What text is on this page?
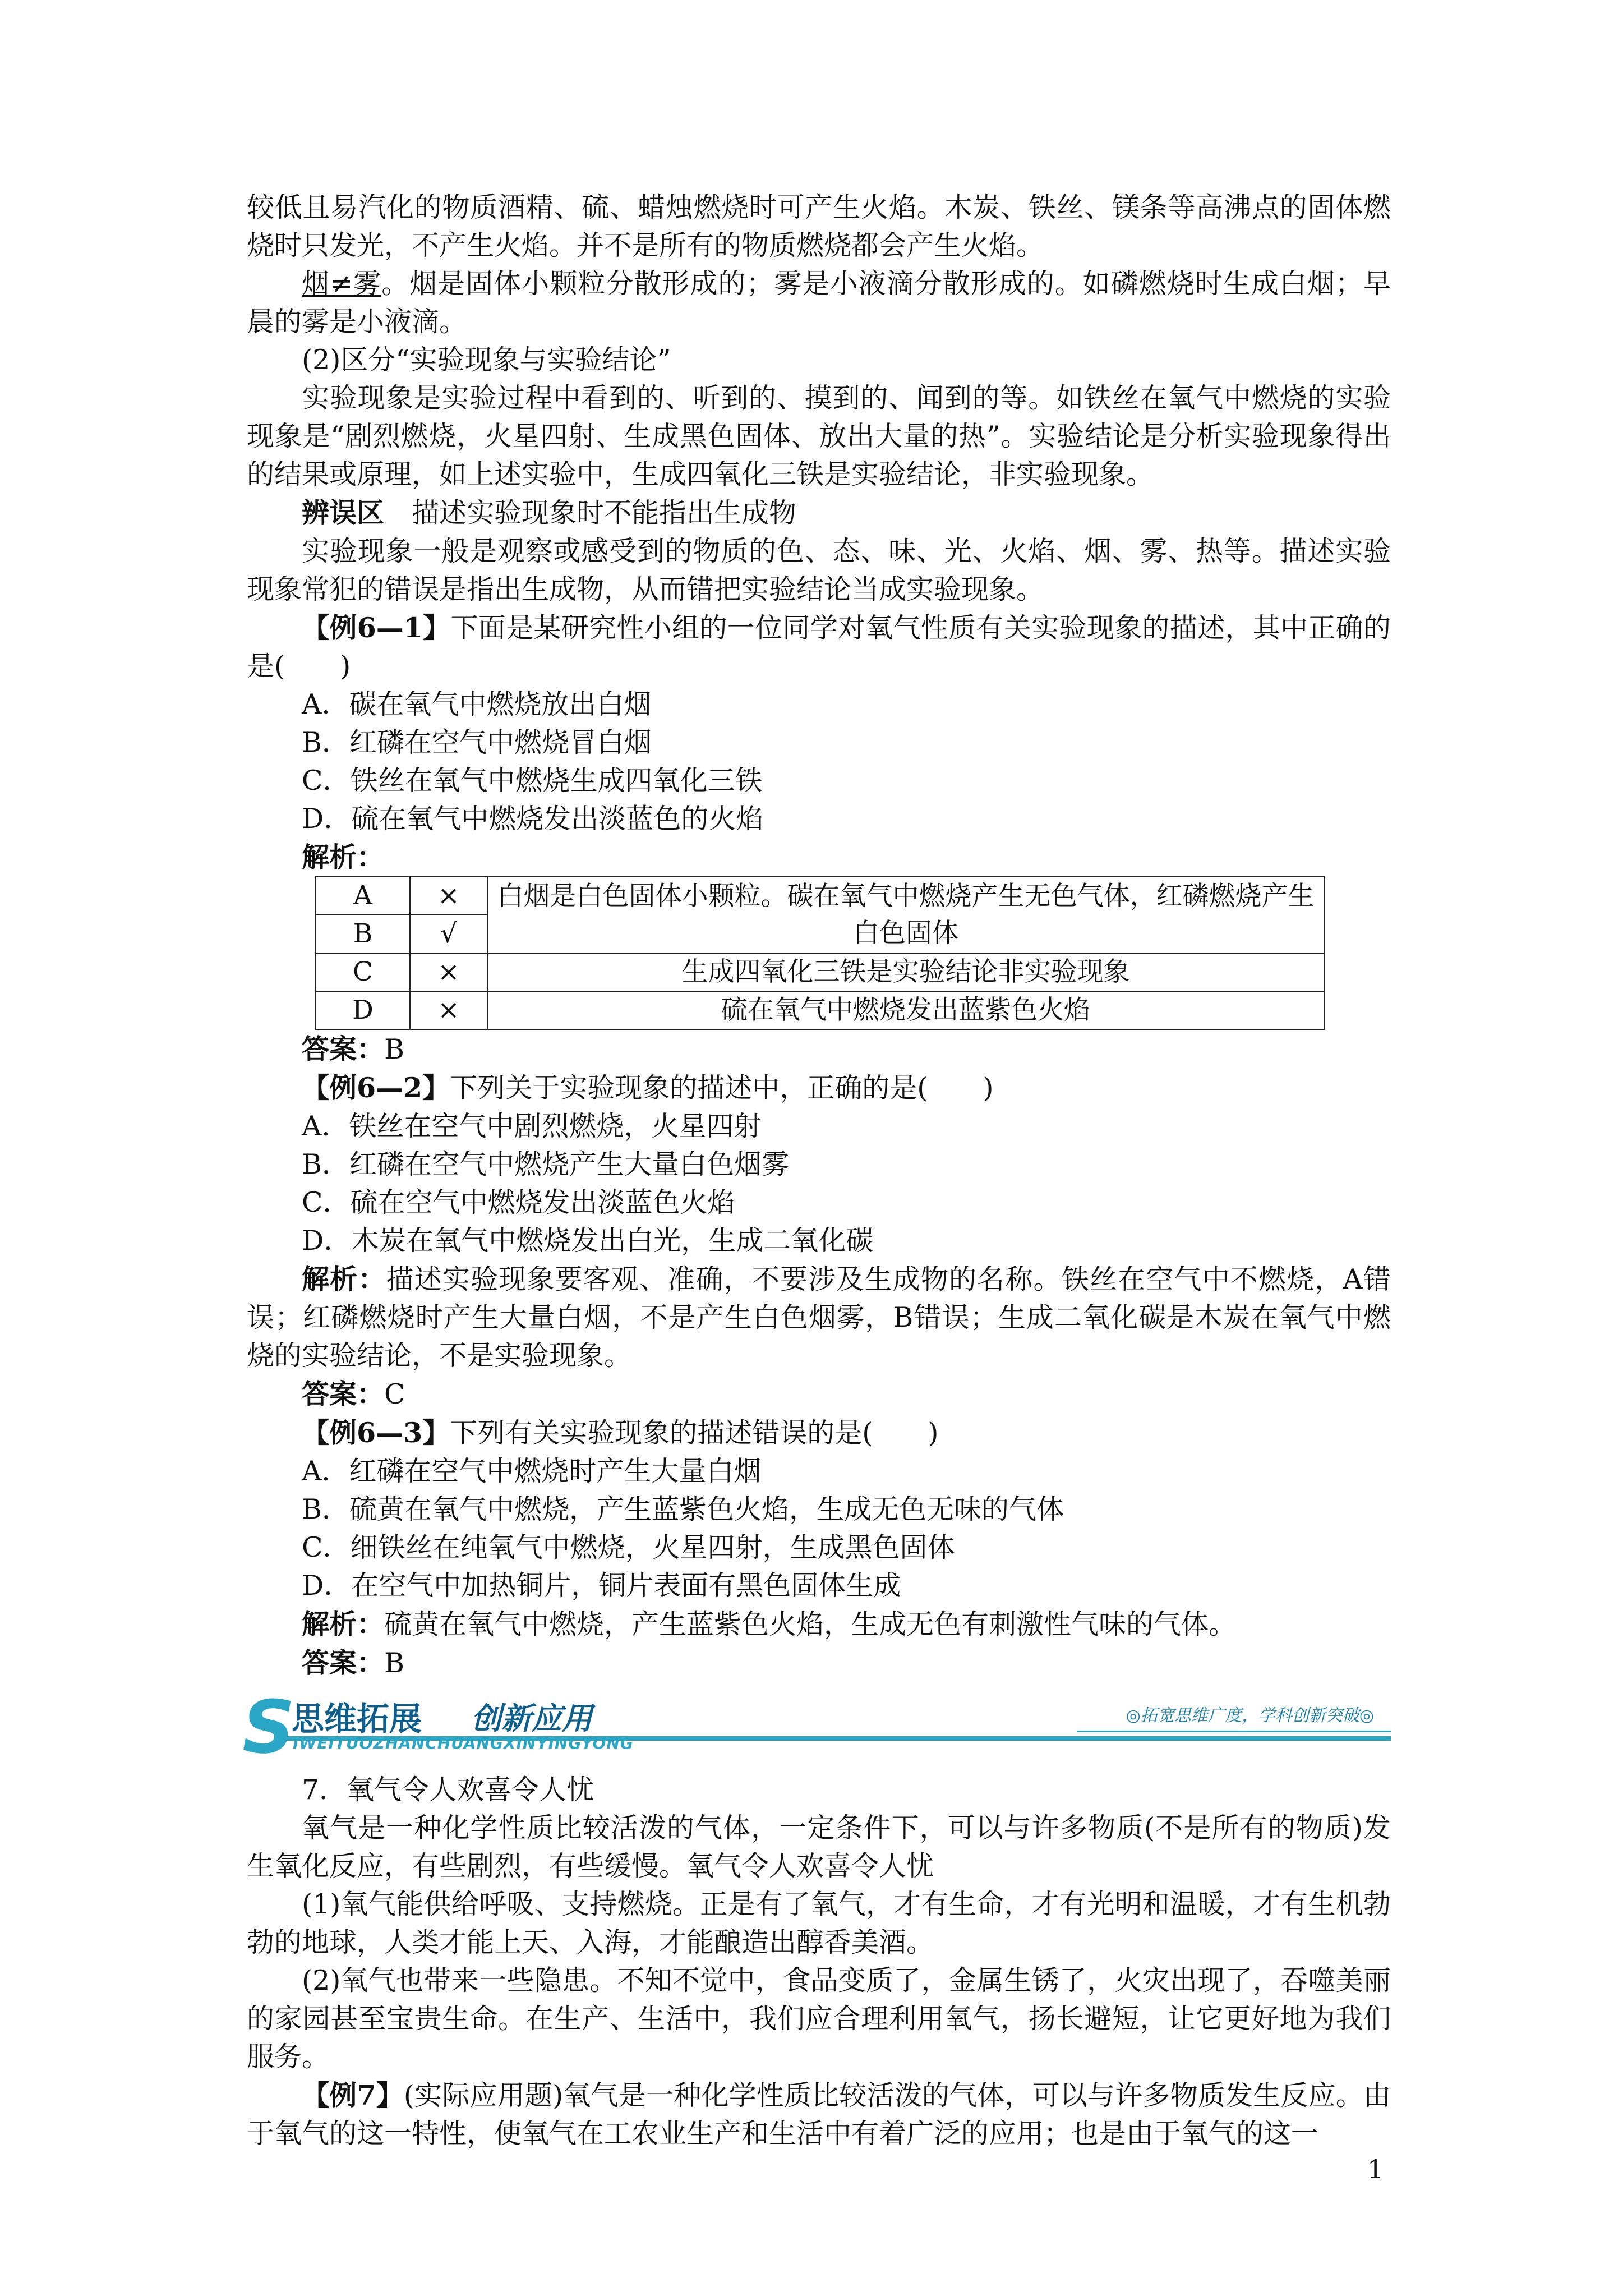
较低且易汽化的物质酒精、硫、蜡烛燃烧时可产生火焰。木炭、铁丝、镁条等高沸点的固体燃烧时只发光，不产生火焰。并不是所有的物质燃烧都会产生火焰。

烟≠雾。烟是固体小颗粒分散形成的；雾是小液滴分散形成的。如磷燃烧时生成白烟；早晨的雾是小液滴。

(2)区分“实验现象与实验结论”

实验现象是实验过程中看到的、听到的、摸到的、闻到的等。如铁丝在氧气中燃烧的实验现象是“剧烈燃烧，火星四射、生成黑色固体、放出大量的热”。实验结论是分析实验现象得出的结果或原理，如上述实验中，生成四氧化三铁是实验结论，非实验现象。

辨误区　 描述实验现象时不能指出生成物

实验现象一般是观察或感受到的物质的色、态、味、光、火焰、烟、雾、热等。描述实验现象常犯的错误是指出生成物，从而错把实验结论当成实验现象。

【例6—1】下面是某研究性小组的一位同学对氧气性质有关实验现象的描述，其中正确的是(　　)

A．碳在氧气中燃烧放出白烟

B．红磷在空气中燃烧冒白烟

C．铁丝在氧气中燃烧生成四氧化三铁

D．硫在氧气中燃烧发出淡蓝色的火焰

解析：

A	×	白烟是白色固体小颗粒。碳在氧气中燃烧产生无色气体，红磷燃烧产生白色固体
B	√	
C	×	生成四氧化三铁是实验结论非实验现象
D	×	硫在氧气中燃烧发出蓝紫色火焰

答案：B

【例6—2】下列关于实验现象的描述中，正确的是(　　)

A．铁丝在空气中剧烈燃烧，火星四射

B．红磷在空气中燃烧产生大量白色烟雾

C．硫在空气中燃烧发出淡蓝色火焰

D．木炭在氧气中燃烧发出白光，生成二氧化碳

解析：描述实验现象要客观、准确，不要涉及生成物的名称。铁丝在空气中不燃烧，A错误；红磷燃烧时产生大量白烟，不是产生白色烟雾，B错误；生成二氧化碳是木炭在氧气中燃烧的实验结论，不是实验现象。

答案：C

【例6—3】下列有关实验现象的描述错误的是(　　)

A．红磷在空气中燃烧时产生大量白烟

B．硫黄在氧气中燃烧，产生蓝紫色火焰，生成无色无味的气体

C．细铁丝在纯氧气中燃烧，火星四射，生成黑色固体

D．在空气中加热铜片，铜片表面有黑色固体生成

解析：硫黄在氧气中燃烧，产生蓝紫色火焰，生成无色有刺激性气味的气体。

答案：B

S
思维拓展 创新应用
IWEITUOZHANCHUANGXINYINGYONG
◎拓宽思维广度，学科创新突破◎

7．氧气令人欢喜令人忧

氧气是一种化学性质比较活泼的气体，一定条件下，可以与许多物质(不是所有的物质)发生氧化反应，有些剧烈，有些缓慢。氧气令人欢喜令人忧

(1)氧气能供给呼吸、支持燃烧。正是有了氧气，才有生命，才有光明和温暖，才有生机勃勃的地球，人类才能上天、入海，才能酿造出醇香美酒。

(2)氧气也带来一些隐患。不知不觉中，食品变质了，金属生锈了，火灾出现了，吞噬美丽的家园甚至宝贵生命。在生产、生活中，我们应合理利用氧气，扬长避短，让它更好地为我们服务。

【例7】(实际应用题)氧气是一种化学性质比较活泼的气体，可以与许多物质发生反应。由于氧气的这一特性，使氧气在工农业生产和生活中有着广泛的应用；也是由于氧气的这一

1
